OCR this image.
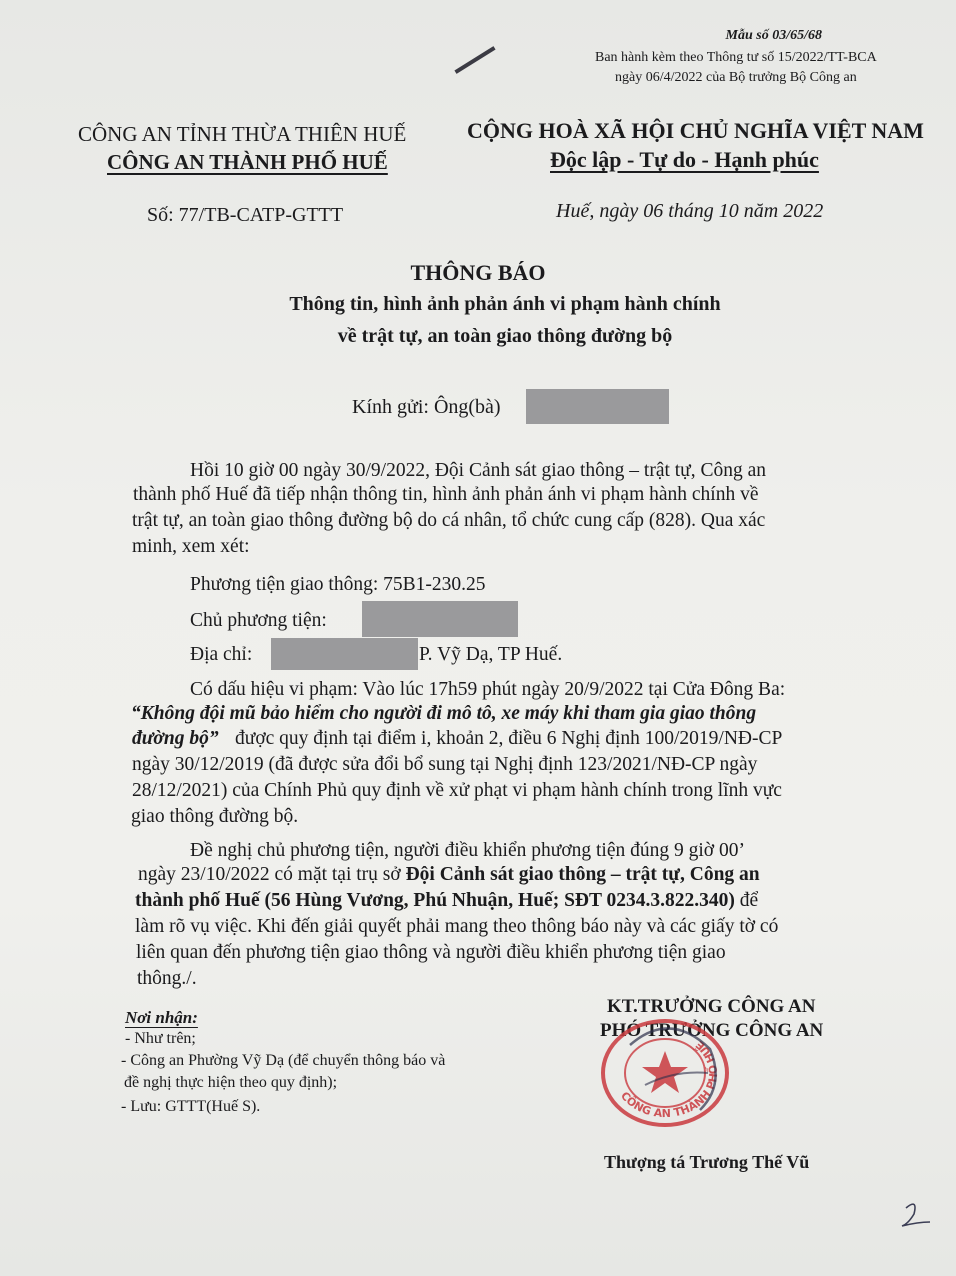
Mẫu số 03/65/68
Ban hành kèm theo Thông tư số 15/2022/TT-BCA
ngày 06/4/2022 của Bộ trưởng Bộ Công an
CÔNG AN TỈNH THỪA THIÊN HUẾ
CÔNG AN THÀNH PHỐ HUẾ
CỘNG HOÀ XÃ HỘI CHỦ NGHĨA VIỆT NAM
Độc lập - Tự do - Hạnh phúc
Số: 77/TB-CATP-GTTT	Huế, ngày 06 tháng 10 năm 2022
THÔNG BÁO
Thông tin, hình ảnh phản ánh vi phạm hành chính
về trật tự, an toàn giao thông đường bộ
Kính gửi: Ông(bà)
Hồi 10 giờ 00 ngày 30/9/2022, Đội Cảnh sát giao thông – trật tự, Công an
thành phố Huế đã tiếp nhận thông tin, hình ảnh phản ánh vi phạm hành chính về
trật tự, an toàn giao thông đường bộ do cá nhân, tổ chức cung cấp (828). Qua xác
minh, xem xét:
Phương tiện giao thông: 75B1-230.25
Chủ phương tiện:
Địa chỉ:	P. Vỹ Dạ, TP Huế.
Có dấu hiệu vi phạm: Vào lúc 17h59 phút ngày 20/9/2022 tại Cửa Đông Ba:
“Không đội mũ bảo hiểm cho người đi mô tô, xe máy khi tham gia giao thông
đường bộ” được quy định tại điểm i, khoản 2, điều 6 Nghị định 100/2019/NĐ-CP
ngày 30/12/2019 (đã được sửa đổi bổ sung tại Nghị định 123/2021/NĐ-CP ngày
28/12/2021) của Chính Phủ quy định về xử phạt vi phạm hành chính trong lĩnh vực
giao thông đường bộ.
Đề nghị chủ phương tiện, người điều khiển phương tiện đúng 9 giờ 00’
ngày 23/10/2022 có mặt tại trụ sở Đội Cảnh sát giao thông – trật tự, Công an
thành phố Huế (56 Hùng Vương, Phú Nhuận, Huế; SĐT 0234.3.822.340) để
làm rõ vụ việc. Khi đến giải quyết phải mang theo thông báo này và các giấy tờ có
liên quan đến phương tiện giao thông và người điều khiển phương tiện giao
thông./.
Nơi nhận:
- Như trên;
- Công an Phường Vỹ Dạ (để chuyển thông báo và
đề nghị thực hiện theo quy định);
- Lưu: GTTT(Huế S).
KT.TRƯỞNG CÔNG AN
PHÓ TRƯỞNG CÔNG AN
CÔNG AN THÀNH PHỐ HUẾ
Thượng tá Trương Thế Vũ
